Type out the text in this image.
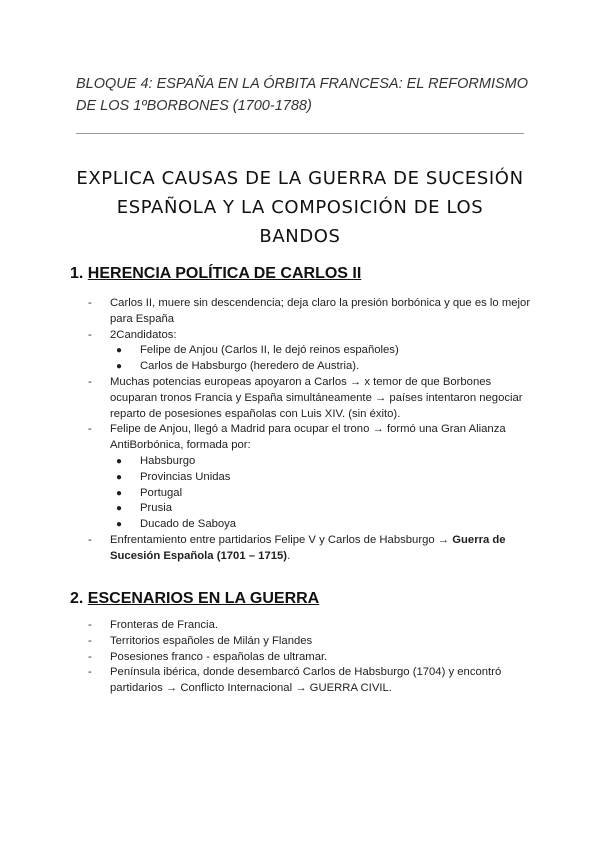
BLOQUE 4: ESPAÑA EN LA ÓRBITA FRANCESA: EL REFORMISMO DE LOS 1ºBORBONES (1700-1788)
EXPLICA CAUSAS DE LA GUERRA DE SUCESIÓN
ESPAÑOLA Y LA COMPOSICIÓN DE LOS
BANDOS
1. HERENCIA POLÍTICA DE CARLOS II
- Carlos II, muere sin descendencia; deja claro la presión borbónica y que es lo mejor para España
- 2Candidatos:
● Felipe de Anjou (Carlos II, le dejó reinos españoles)
● Carlos de Habsburgo (heredero de Austria).
- Muchas potencias europeas apoyaron a Carlos → x temor de que Borbones ocuparan tronos Francia y España simultáneamente → países intentaron negociar reparto de posesiones españolas con Luis XIV. (sin éxito).
- Felipe de Anjou, llegó a Madrid para ocupar el trono → formó una Gran Alianza AntiBorbónica, formada por:
● Habsburgo
● Provincias Unidas
● Portugal
● Prusia
● Ducado de Saboya
- Enfrentamiento entre partidarios Felipe V y Carlos de Habsburgo → Guerra de Sucesión Española (1701 – 1715).
2. ESCENARIOS EN LA GUERRA
- Fronteras de Francia.
- Territorios españoles de Milán y Flandes
- Posesiones franco - españolas de ultramar.
- Península ibérica, donde desembarcó Carlos de Habsburgo (1704) y encontró partidarios → Conflicto Internacional → GUERRA CIVIL.
